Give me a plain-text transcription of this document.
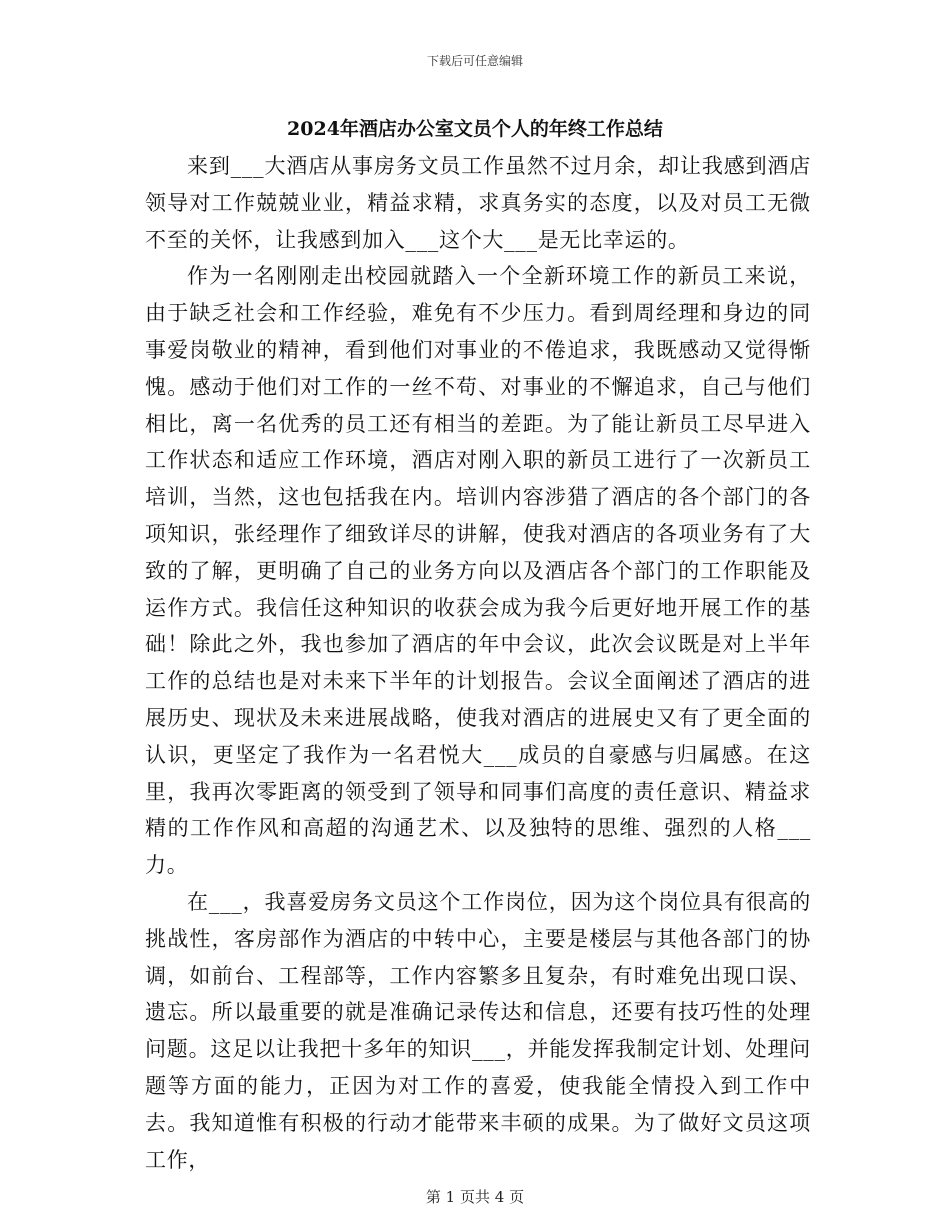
下载后可任意编辑
2024年酒店办公室文员个人的年终工作总结

来到___大酒店从事房务文员工作虽然不过月余，却让我感到酒店领导对工作兢兢业业，精益求精，求真务实的态度，以及对员工无微不至的关怀，让我感到加入___这个大___是无比幸运的。

作为一名刚刚走出校园就踏入一个全新环境工作的新员工来说，由于缺乏社会和工作经验，难免有不少压力。看到周经理和身边的同事爱岗敬业的精神，看到他们对事业的不倦追求，我既感动又觉得惭愧。感动于他们对工作的一丝不苟、对事业的不懈追求，自己与他们相比，离一名优秀的员工还有相当的差距。为了能让新员工尽早进入工作状态和适应工作环境，酒店对刚入职的新员工进行了一次新员工培训，当然，这也包括我在内。培训内容涉猎了酒店的各个部门的各项知识，张经理作了细致详尽的讲解，使我对酒店的各项业务有了大致的了解，更明确了自己的业务方向以及酒店各个部门的工作职能及运作方式。我信任这种知识的收获会成为我今后更好地开展工作的基础！除此之外，我也参加了酒店的年中会议，此次会议既是对上半年工作的总结也是对未来下半年的计划报告。会议全面阐述了酒店的进展历史、现状及未来进展战略，使我对酒店的进展史又有了更全面的认识，更坚定了我作为一名君悦大___成员的自豪感与归属感。在这里，我再次零距离的领受到了领导和同事们高度的责任意识、精益求精的工作作风和高超的沟通艺术、以及独特的思维、强烈的人格___力。

在___，我喜爱房务文员这个工作岗位，因为这个岗位具有很高的挑战性，客房部作为酒店的中转中心，主要是楼层与其他各部门的协调，如前台、工程部等，工作内容繁多且复杂，有时难免出现口误、遗忘。所以最重要的就是准确记录传达和信息，还要有技巧性的处理问题。这足以让我把十多年的知识___，并能发挥我制定计划、处理问题等方面的能力，正因为对工作的喜爱，使我能全情投入到工作中去。我知道惟有积极的行动才能带来丰硕的成果。为了做好文员这项工作，

第 1 页共 4 页
